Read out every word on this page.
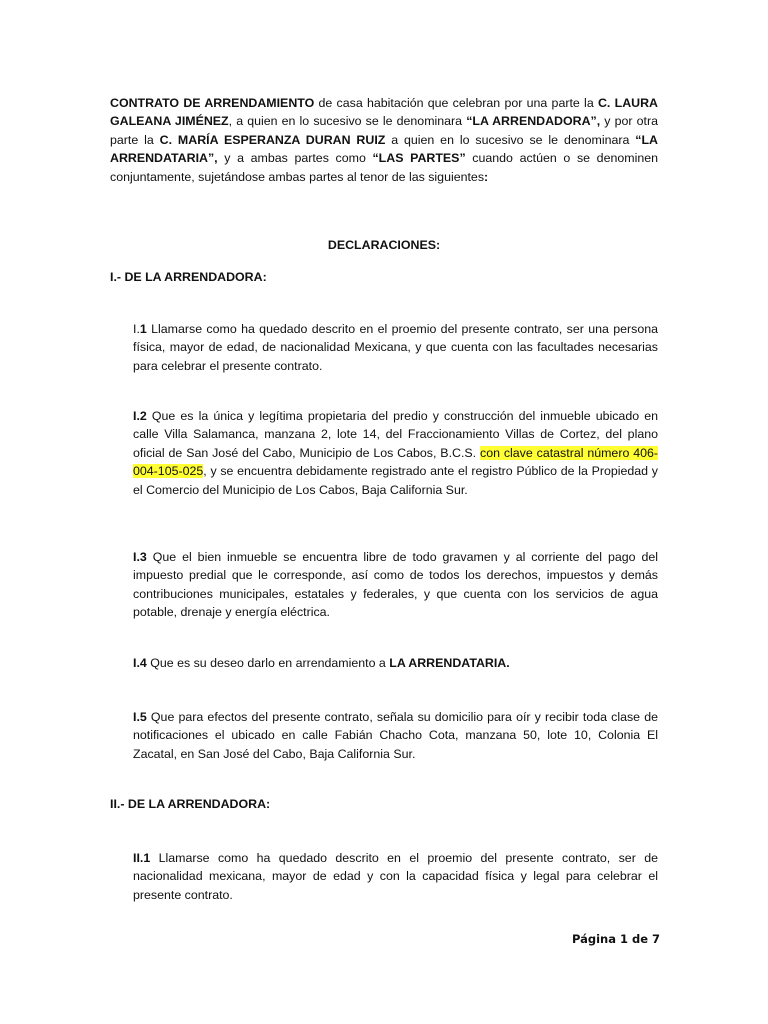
CONTRATO DE ARRENDAMIENTO de casa habitación que celebran por una parte la C. LAURA GALEANA JIMÉNEZ, a quien en lo sucesivo se le denominara “LA ARRENDADORA”, y por otra parte la C. MARÍA ESPERANZA DURAN RUIZ a quien en lo sucesivo se le denominara “LA ARRENDATARIA”, y a ambas partes como “LAS PARTES” cuando actúen o se denominen conjuntamente, sujetándose ambas partes al tenor de las siguientes:

DECLARACIONES:

I.- DE LA ARRENDADORA:

I.1 Llamarse como ha quedado descrito en el proemio del presente contrato, ser una persona física, mayor de edad, de nacionalidad Mexicana, y que cuenta con las facultades necesarias para celebrar el presente contrato.

I.2 Que es la única y legítima propietaria del predio y construcción del inmueble ubicado en calle Villa Salamanca, manzana 2, lote 14, del Fraccionamiento Villas de Cortez, del plano oficial de San José del Cabo, Municipio de Los Cabos, B.C.S. con clave catastral número 406-004-105-025, y se encuentra debidamente registrado ante el registro Público de la Propiedad y el Comercio del Municipio de Los Cabos, Baja California Sur.

I.3 Que el bien inmueble se encuentra libre de todo gravamen y al corriente del pago del impuesto predial que le corresponde, así como de todos los derechos, impuestos y demás contribuciones municipales, estatales y federales, y que cuenta con los servicios de agua potable, drenaje y energía eléctrica.

I.4 Que es su deseo darlo en arrendamiento a LA ARRENDATARIA.

I.5 Que para efectos del presente contrato, señala su domicilio para oír y recibir toda clase de notificaciones el ubicado en calle Fabián Chacho Cota, manzana 50, lote 10, Colonia El Zacatal, en San José del Cabo, Baja California Sur.

II.- DE LA ARRENDADORA:

II.1 Llamarse como ha quedado descrito en el proemio del presente contrato, ser de nacionalidad mexicana, mayor de edad y con la capacidad física y legal para celebrar el presente contrato.

Página 1 de 7
